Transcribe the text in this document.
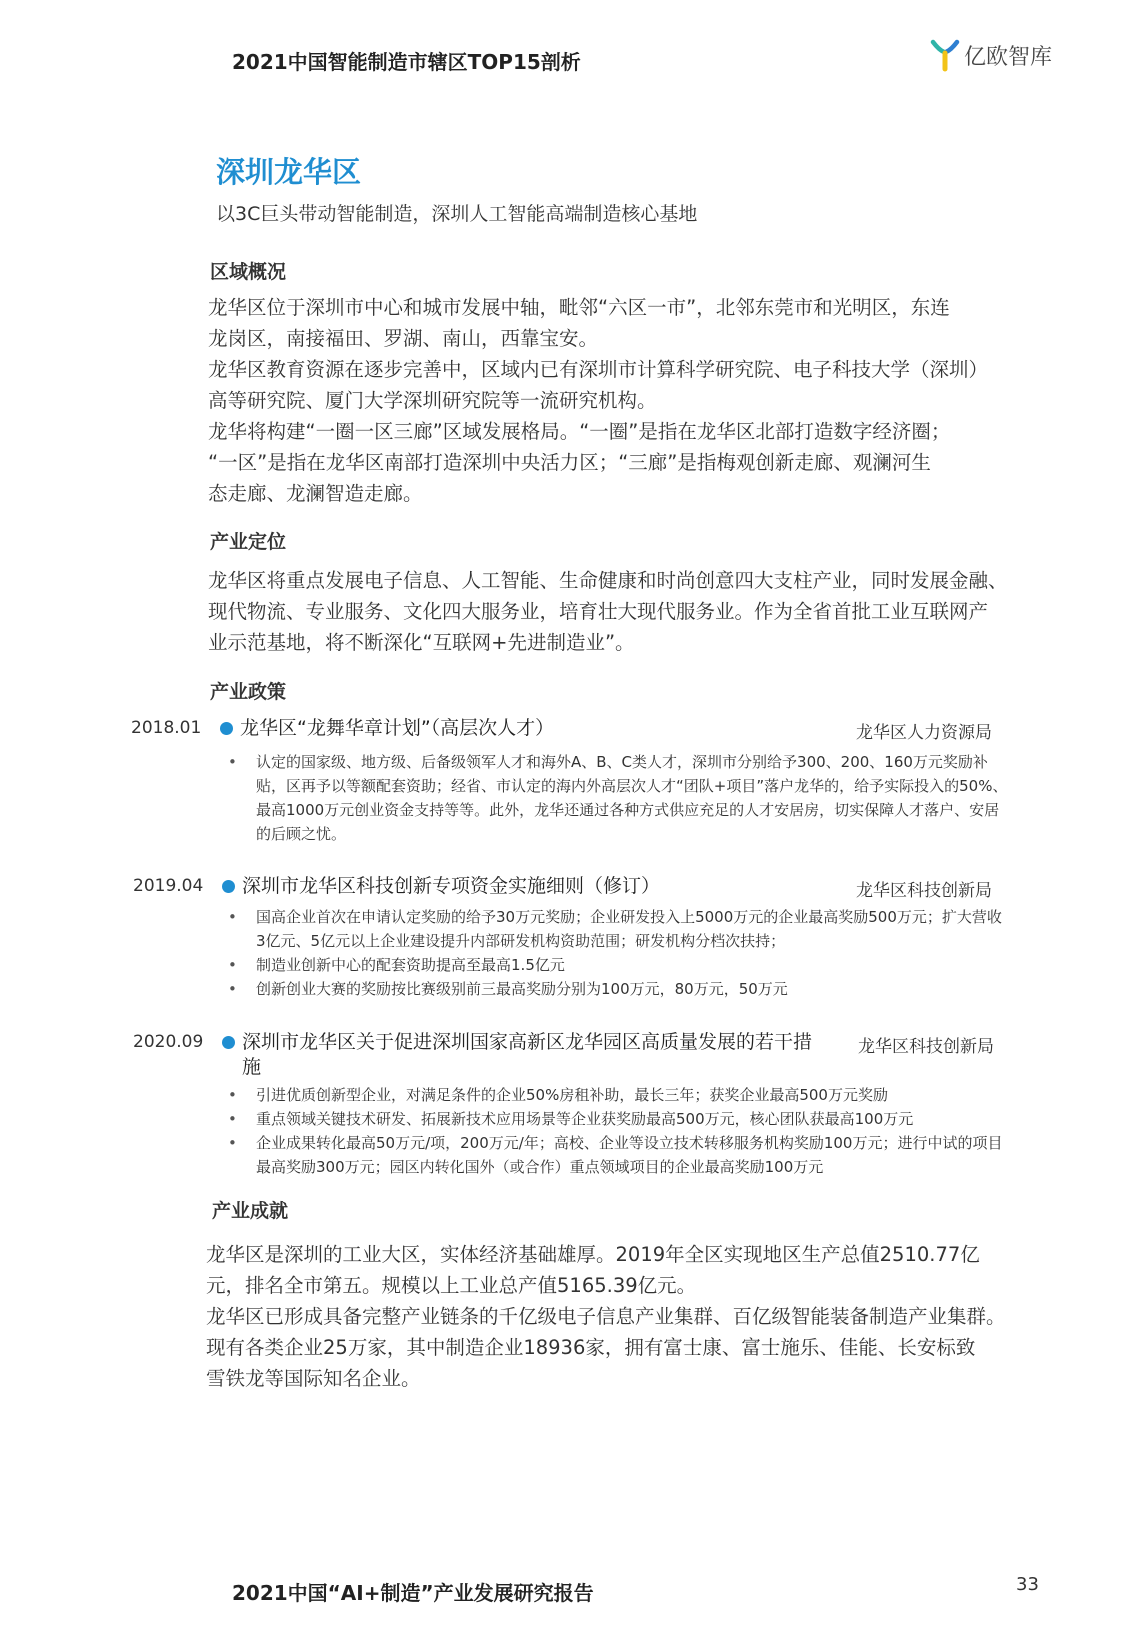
2021中国智能制造市辖区TOP15剖析	亿欧智库
深圳龙华区
以3C巨头带动智能制造，深圳人工智能高端制造核心基地
区域概况

龙华区位于深圳市中心和城市发展中轴，毗邻“六区一市”，北邻东莞市和光明区，东连

龙岗区，南接福田、罗湖、南山，西靠宝安。

龙华区教育资源在逐步完善中，区域内已有深圳市计算科学研究院、电子科技大学（深圳）

高等研究院、厦门大学深圳研究院等一流研究机构。

龙华将构建“一圈一区三廊”区域发展格局。“一圈”是指在龙华区北部打造数字经济圈；

“一区”是指在龙华区南部打造深圳中央活力区；“三廊”是指梅观创新走廊、观澜河生

态走廊、龙澜智造走廊。

产业定位

龙华区将重点发展电子信息、人工智能、生命健康和时尚创意四大支柱产业，同时发展金融、

现代物流、专业服务、文化四大服务业，培育壮大现代服务业。作为全省首批工业互联网产

业示范基地，将不断深化“互联网+先进制造业”。

产业政策
2018.01 龙华区“龙舞华章计划”（高层次人才）	龙华区人力资源局
• 认定的国家级、地方级、后备级领军人才和海外A、B、C类人才，深圳市分别给予300、200、160万元奖励补贴，区再予以等额配套资助；经省、市认定的海内外高层次人才“团队+项目”落户龙华的，给予实际投入的50%、最高1000万元创业资金支持等等。此外，龙华还通过各种方式供应充足的人才安居房，切实保障人才落户、安居的后顾之忧。
2019.04 深圳市龙华区科技创新专项资金实施细则（修订）	龙华区科技创新局
• 国高企业首次在申请认定奖励的给予30万元奖励；企业研发投入上5000万元的企业最高奖励500万元；扩大营收3亿元、5亿元以上企业建设提升内部研发机构资助范围；研发机构分档次扶持；
• 制造业创新中心的配套资助提高至最高1.5亿元
• 创新创业大赛的奖励按比赛级别前三最高奖励分别为100万元，80万元，50万元
2020.09 深圳市龙华区关于促进深圳国家高新区龙华园区高质量发展的若干措施
龙华区科技创新局
• 引进优质创新型企业，对满足条件的企业50%房租补助，最长三年；获奖企业最高500万元奖励
• 重点领域关键技术研发、拓展新技术应用场景等企业获奖励最高500万元，核心团队获最高100万元
• 企业成果转化最高50万元/项，200万元/年；高校、企业等设立技术转移服务机构奖励100万元；进行中试的项目最高奖励300万元；园区内转化国外（或合作）重点领域项目的企业最高奖励100万元
产业成就

龙华区是深圳的工业大区，实体经济基础雄厚。2019年全区实现地区生产总值2510.77亿

元，排名全市第五。规模以上工业总产值5165.39亿元。

龙华区已形成具备完整产业链条的千亿级电子信息产业集群、百亿级智能装备制造产业集群。

现有各类企业25万家，其中制造企业18936家，拥有富士康、富士施乐、佳能、长安标致

雪铁龙等国际知名企业。

2021中国“AI+制造”产业发展研究报告	33
